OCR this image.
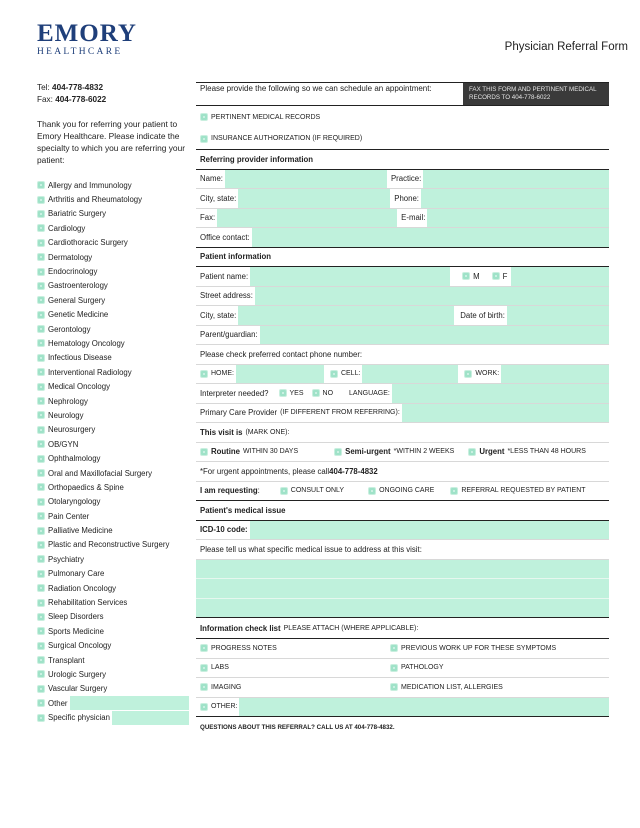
EMORY
HEALTHCARE	Physician Referral Form
Tel: 404-778-4832
Fax: 404-778-6022
Thank you for referring your patient to Emory Healthcare. Please indicate the specialty to which you are referring your patient:
Allergy and Immunology
Arthritis and Rheumatology
Bariatric Surgery
Cardiology
Cardiothoracic Surgery
Dermatology
Endocrinology
Gastroenterology
General Surgery
Genetic Medicine
Gerontology
Hematology Oncology
Infectious Disease
Interventional Radiology
Medical Oncology
Nephrology
Neurology
Neurosurgery
OB/GYN
Ophthalmology
Oral and Maxillofacial Surgery
Orthopaedics & Spine
Otolaryngology
Pain Center
Palliative Medicine
Plastic and Reconstructive Surgery
Psychiatry
Pulmonary Care
Radiation Oncology
Rehabilitation Services
Sleep Disorders
Sports Medicine
Surgical Oncology
Transplant
Urologic Surgery
Vascular Surgery
Other
Specific physician
Please provide the following so we can schedule an appointment:	FAX THIS FORM AND PERTINENT MEDICAL RECORDS TO 404-778-6022
PERTINENT MEDICAL RECORDS
INSURANCE AUTHORIZATION (IF REQUIRED)
Referring provider information
Name:	Practice:
City, state:	Phone:
Fax:	E-mail:
Office contact:
Patient information
Patient name:	M	F
Street address:
City, state:	Date of birth:
Parent/guardian:
Please check preferred contact phone number:
HOME:	CELL:	WORK:
Interpreter needed?	YES	NO LANGUAGE:
Primary Care Provider (IF DIFFERENT FROM REFERRING):
This visit is (MARK ONE):
Routine WITHIN 30 DAYS	Semi-urgent *WITHIN 2 WEEKS	Urgent *LESS THAN 48 HOURS
*For urgent appointments, please call 404-778-4832
I am requesting :	CONSULT ONLY	ONGOING CARE	REFERRAL REQUESTED BY PATIENT
Patient's medical issue
ICD-10 code:
Please tell us what specific medical issue to address at this visit:
Information check list PLEASE ATTACH (WHERE APPLICABLE):
PROGRESS NOTES	PREVIOUS WORK UP FOR THESE SYMPTOMS
LABS	PATHOLOGY
IMAGING	MEDICATION LIST, ALLERGIES
OTHER:
QUESTIONS ABOUT THIS REFERRAL? CALL US AT 404-778-4832.
